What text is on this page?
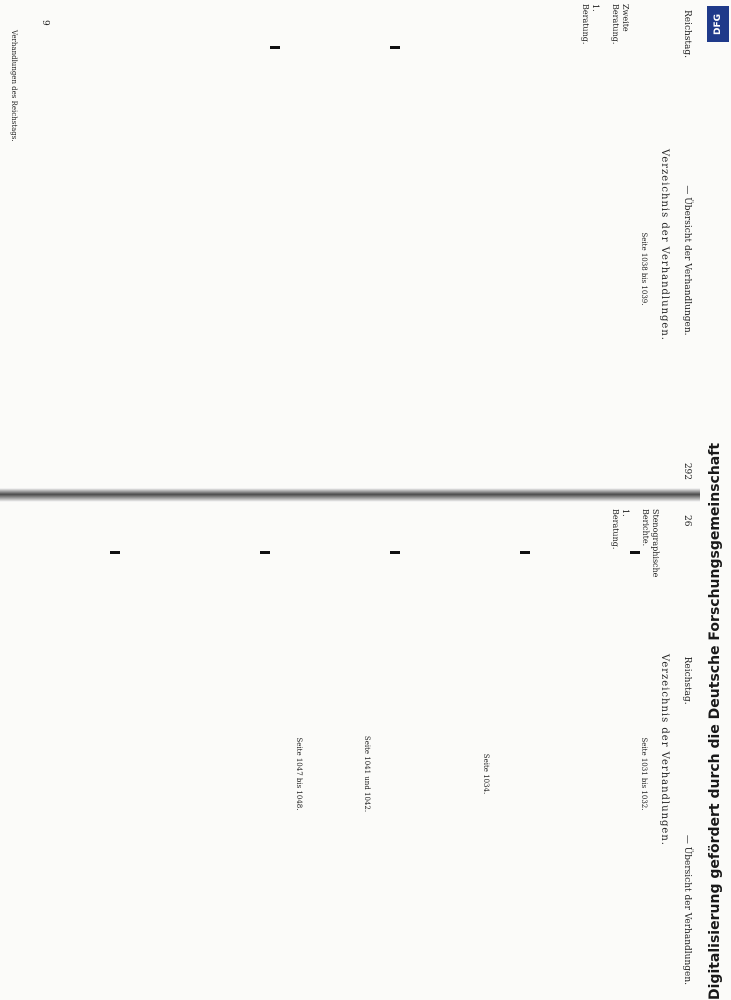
Reichstag.
— Übersicht der Verhandlungen.
292
Verzeichnis der Verhandlungen.
Zweite Beratung.
1. Beratung.
Seite 1038 bis 1039.
Verhandlungen des Reichstags.
9
26
Reichstag.
— Übersicht der Verhandlungen.
Verzeichnis der Verhandlungen.
Stenographische Berichte.
1. Beratung.
Seite 1031 bis 1032.
Seite 1034.
Seite 1041 und 1042.
Seite 1047 bis 1048.
DFG
Digitalisierung gefördert durch die Deutsche Forschungsgemeinschaft
